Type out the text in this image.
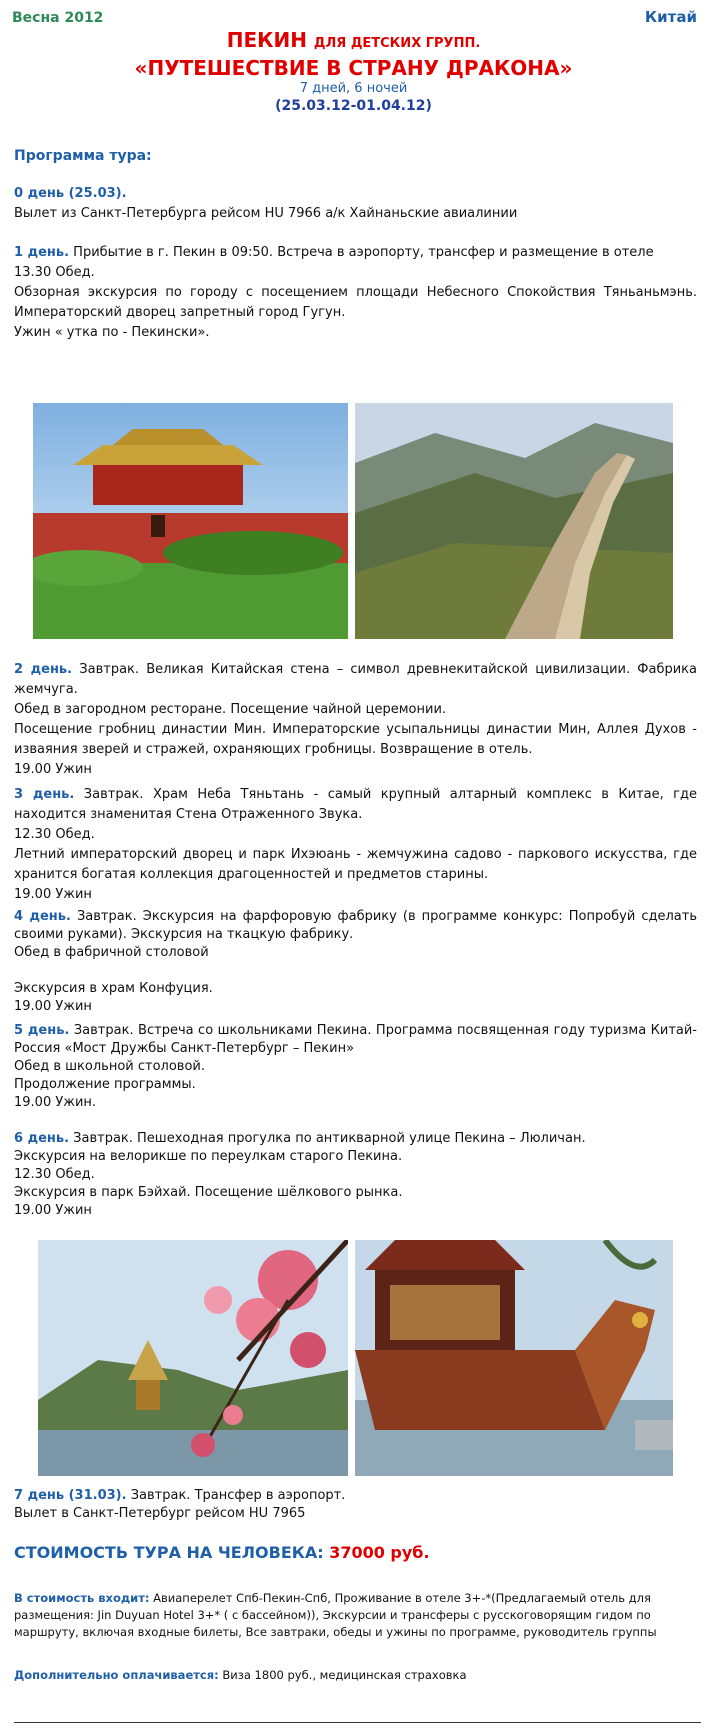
Весна 2012	Китай
ПЕКИН ДЛЯ ДЕТСКИХ ГРУПП.
«ПУТЕШЕСТВИЕ В СТРАНУ ДРАКОНА»
7 дней, 6 ночей
(25.03.12-01.04.12)
Программа тура:

0 день (25.03).

Вылет из Санкт-Петербурга рейсом HU 7966 а/к Хайнаньские авиалинии

1 день. Прибытие в г. Пекин в 09:50. Встреча в аэропорту, трансфер и размещение в отеле

13.30 Обед.

Обзорная экскурсия по городу с посещением площади Небесного Спокойствия Тяньаньмэнь. Императорский дворец запретный город Гугун.

Ужин « утка по - Пекински».

2 день. Завтрак. Великая Китайская стена – символ древнекитайской цивилизации. Фабрика жемчуга.

Обед в загородном ресторане. Посещение чайной церемонии.

Посещение гробниц династии Мин. Императорские усыпальницы династии Мин, Аллея Духов - изваяния зверей и стражей, охраняющих гробницы. Возвращение в отель.

19.00 Ужин

3 день. Завтрак. Храм Неба Тяньтань - самый крупный алтарный комплекс в Китае, где находится знаменитая Стена Отраженного Звука.

12.30 Обед.

Летний императорский дворец и парк Ихэюань - жемчужина садово - паркового искусства, где хранится богатая коллекция драгоценностей и предметов старины.

19.00 Ужин

4 день. Завтрак. Экскурсия на фарфоровую фабрику (в программе конкурс: Попробуй сделать своими руками). Экскурсия на ткацкую фабрику.

Обед в фабричной столовой

Экскурсия в храм Конфуция.

19.00 Ужин

5 день. Завтрак. Встреча со школьниками Пекина. Программа посвященная году туризма Китай-Россия «Мост Дружбы Санкт-Петербург – Пекин»

Обед в школьной столовой.

Продолжение программы.

19.00 Ужин.

6 день. Завтрак. Пешеходная прогулка по антикварной улице Пекина – Люличан.

Экскурсия на велорикше по переулкам старого Пекина.

12.30 Обед.

Экскурсия в парк Бэйхай. Посещение шёлкового рынка.

19.00 Ужин

7 день (31.03). Завтрак. Трансфер в аэропорт.

Вылет в Санкт-Петербург рейсом HU 7965

СТОИМОСТЬ ТУРА НА ЧЕЛОВЕКА: 37000 руб.
В стоимость входит: Авиаперелет Спб-Пекин-Спб, Проживание в отеле 3+-*(Предлагаемый отель для размещения: Jin Duyuan Hotel 3+* ( с бассейном)), Экскурсии и трансферы с русскоговорящим гидом по маршруту, включая входные билеты, Все завтраки, обеды и ужины по программе, руководитель группы
Дополнительно оплачивается: Виза 1800 руб., медицинская страховка
